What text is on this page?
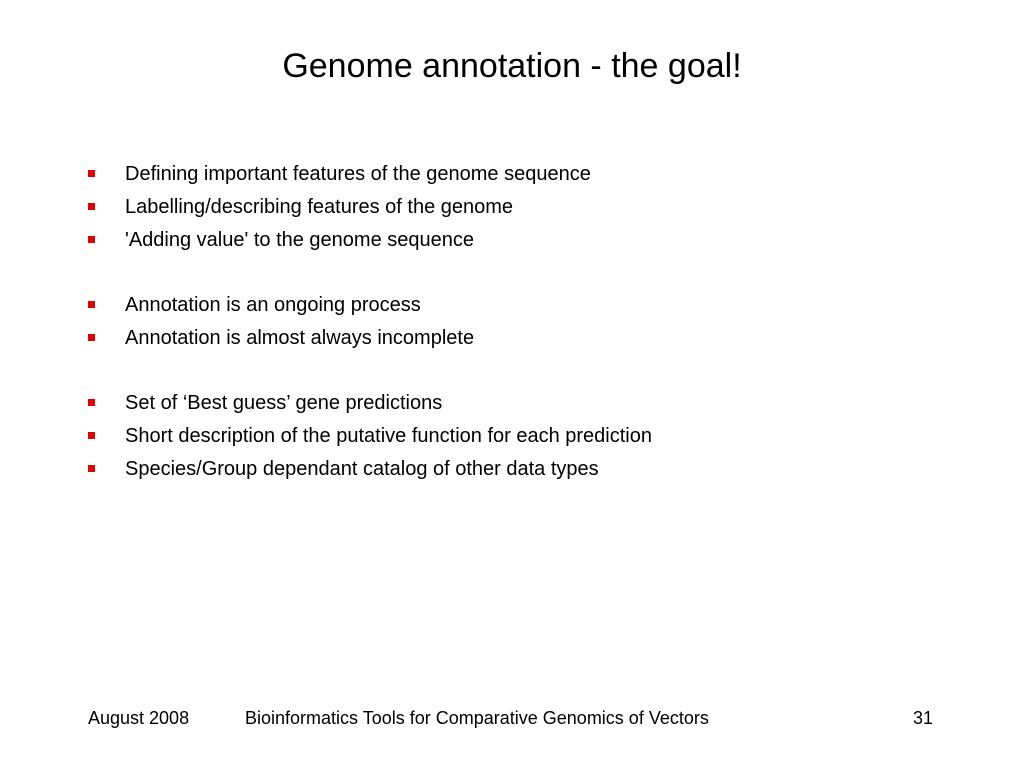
Genome annotation - the goal!
Defining important features of the genome sequence
Labelling/describing features of the genome
'Adding value' to the genome sequence
Annotation is an ongoing process
Annotation is almost always incomplete
Set of ‘Best guess’ gene predictions
Short description of the putative function for each prediction
Species/Group dependant catalog of other data types
August 2008	Bioinformatics Tools for Comparative Genomics of Vectors	31
